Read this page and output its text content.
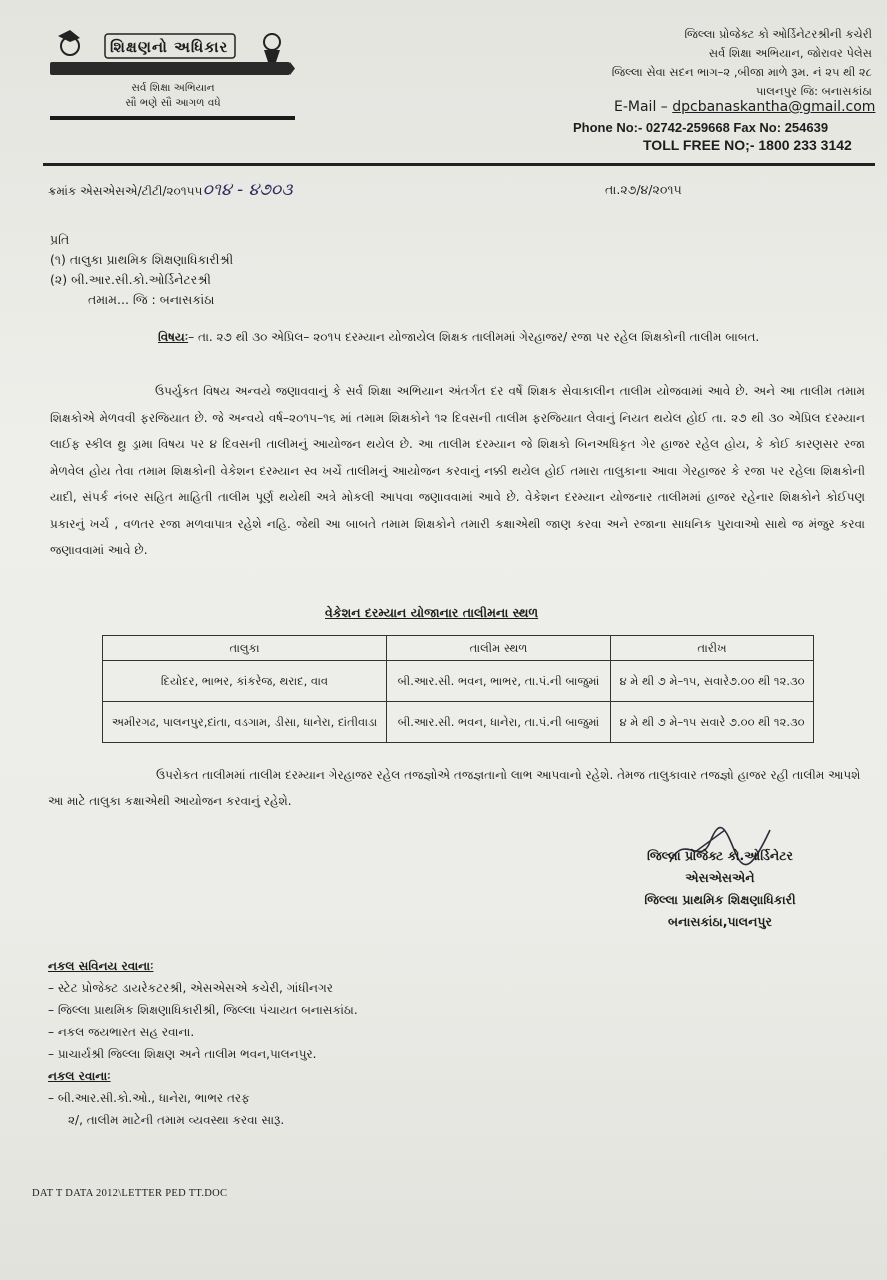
શિક્ષણનો અધિકાર
સર્વ શિક્ષા અભિયાન
સૌ ભણે સૌ આગળ વધે
જિલ્લા પ્રોજેક્ટ કો ઓર્ડિનેટરશ્રીની કચેરી
સર્વ શિક્ષા અભિયાન, જોરાવર પેલેસ
જિલ્લા સેવા સદન ભાગ–૨ ,બીજા માળે રૂમ. નં ૨૫ થી ૨૮
પાલનપુર જિ: બનાસકાંઠા
E-Mail – dpcbanaskantha@gmail.com
Phone No:- 02742-259668 Fax No: 254639
TOLL FREE NO;- 1800 233 3142
ક્રમાંક એસએસએ/ટીટી/૨૦૧૫૫૦૧૪ - ૪૭૦૩	તા.૨૭/૪/૨૦૧૫
પ્રતિ
(૧) તાલુકા પ્રાથમિક શિક્ષણાધિકારીશ્રી
(૨) બી.આર.સી.કો.ઓર્ડિનેટરશ્રી
તમામ... જિ : બનાસકાંઠા
વિષયઃ– તા. ૨૭ થી ૩૦ એપ્રિલ– ૨૦૧૫ દરમ્યાન યોજાયેલ શિક્ષક તાલીમમાં ગેરહાજર/ રજા પર રહેલ શિક્ષકોની તાલીમ બાબત.
ઉપર્યુકત વિષય અન્વયે જણાવવાનું કે સર્વ શિક્ષા અભિયાન અંતર્ગત દર વર્ષે શિક્ષક સેવાકાલીન તાલીમ યોજવામાં આવે છે. અને આ તાલીમ તમામ શિક્ષકોએ મેળવવી ફરજિયાત છે. જે અન્વયે વર્ષ–૨૦૧૫–૧૬ માં તમામ શિક્ષકોને ૧૨ દિવસની તાલીમ ફરજિયાત લેવાનું નિયત થયેલ હોઈ તા. ૨૭ થી ૩૦ એપ્રિલ દરમ્યાન લાઈફ સ્કીલ થ્રુ ડ્રામા વિષય પર ૪ દિવસની તાલીમનું આયોજન થયેલ છે. આ તાલીમ દરમ્યાન જે શિક્ષકો બિનઅધિકૃત ગેર હાજર રહેલ હોય, કે કોઈ કારણસર રજા મેળવેલ હોય તેવા તમામ શિક્ષકોની વેકેશન દરમ્યાન સ્વ ખર્ચે તાલીમનું આયોજન કરવાનું નક્કી થયેલ હોઈ તમારા તાલુકાના આવા ગેરહાજર કે રજા પર રહેલા શિક્ષકોની યાદી, સંપર્ક નંબર સહિત માહિતી તાલીમ પૂર્ણ થયેથી અત્રે મોકલી આપવા જણાવવામાં આવે છે. વેકેશન દરમ્યાન યોજનાર તાલીમમાં હાજર રહેનાર શિક્ષકોને કોઈપણ પ્રકારનું ખર્ચ , વળતર રજા મળવાપાત્ર રહેશે નહિ. જેથી આ બાબતે તમામ શિક્ષકોને તમારી કક્ષાએથી જાણ કરવા અને રજાના સાધનિક પુરાવાઓ સાથે જ મંજુર કરવા જણાવવામાં આવે છે.
વેકેશન દરમ્યાન યોજાનાર તાલીમના સ્થળ
તાલુકા	તાલીમ સ્થળ	તારીખ
દિયોદર, ભાભર, કાંકરેજ, થરાદ, વાવ	બી.આર.સી. ભવન, ભાભર, તા.પં.ની બાજુમાં	૪ મે થી ૭ મે–૧૫, સવારે૭.૦૦ થી ૧૨.૩૦
અમીરગઢ, પાલનપુર,દાંતા, વડગામ, ડીસા, ધાનેરા, દાંતીવાડા	બી.આર.સી. ભવન, ધાનેરા, તા.પં.ની બાજુમાં	૪ મે થી ૭ મે–૧૫ સવારે ૭.૦૦ થી ૧૨.૩૦
ઉપરોકત તાલીમમાં તાલીમ દરમ્યાન ગેરહાજર રહેલ તજજ્ઞોએ તજજ્ઞતાનો લાભ આપવાનો રહેશે. તેમજ તાલુકાવાર તજજ્ઞો હાજર રહી તાલીમ આપશે આ માટે તાલુકા કક્ષાએથી આયોજન કરવાનું રહેશે.
જિલ્લા પ્રોજેક્ટ કો.ઓર્ડિનેટર
એસએસએને
જિલ્લા પ્રાથમિક શિક્ષણાધિકારી
બનાસકાંઠા,પાલનપુર
નકલ સવિનય રવાનાઃ
– સ્ટેટ પ્રોજેક્ટ ડાયરેકટરશ્રી, એસએસએ કચેરી, ગાંધીનગર
– જિલ્લા પ્રાથમિક શિક્ષણાધિકારીશ્રી, જિલ્લા પંચાયત બનાસકાંઠા.
– નકલ જયભારત સહ રવાના.
– પ્રાચાર્યશ્રી જિલ્લા શિક્ષણ અને તાલીમ ભવન,પાલનપુર.
નકલ રવાનાઃ
– બી.આર.સી.કો.ઓ., ધાનેરા, ભાભર તરફ
૨/, તાલીમ માટેની તમામ વ્યવસ્થા કરવા સારૂ.
DAT T DATA 2012\LETTER PED TT.DOC
